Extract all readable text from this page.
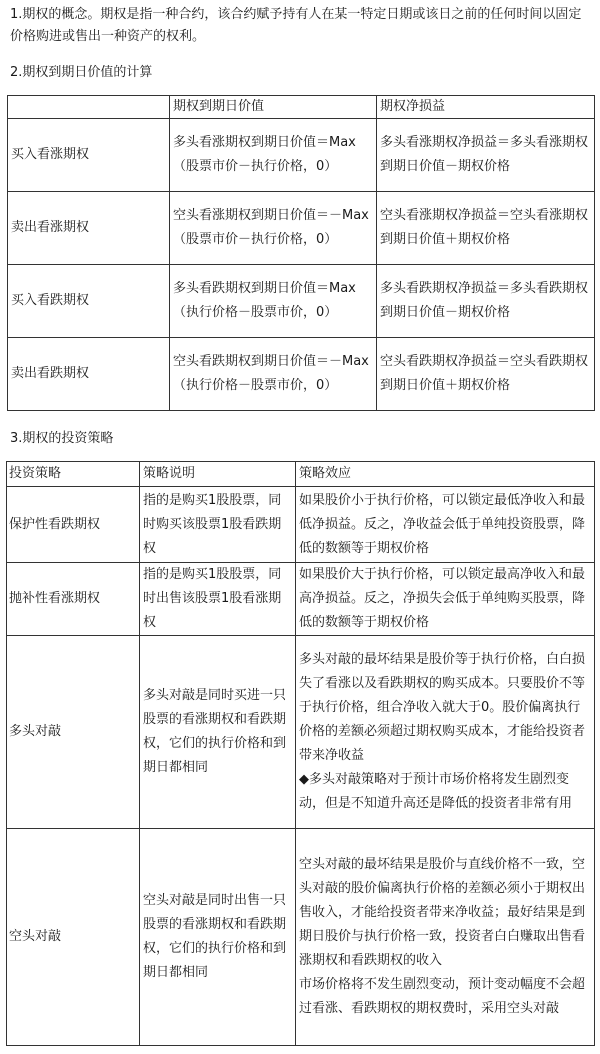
1.期权的概念。期权是指一种合约，该合约赋予持有人在某一特定日期或该日之前的任何时间以固定价格购进或售出一种资产的权利。

2.期权到期日价值的计算

	期权到期日价值	期权净损益
买入看涨期权	多头看涨期权到期日价值＝Max（股票市价－执行价格，0）	多头看涨期权净损益＝多头看涨期权到期日价值－期权价格
卖出看涨期权	空头看涨期权到期日价值＝－Max（股票市价－执行价格，0）	空头看涨期权净损益＝空头看涨期权到期日价值＋期权价格
买入看跌期权	多头看跌期权到期日价值＝Max（执行价格－股票市价，0）	多头看跌期权净损益＝多头看跌期权到期日价值－期权价格
卖出看跌期权	空头看跌期权到期日价值＝－Max（执行价格－股票市价，0）	空头看跌期权净损益＝空头看跌期权到期日价值＋期权价格

3.期权的投资策略

投资策略	策略说明	策略效应
保护性看跌期权	指的是购买1股股票，同时购买该股票1股看跌期权	如果股价小于执行价格，可以锁定最低净收入和最低净损益。反之，净收益会低于单纯投资股票，降低的数额等于期权价格
抛补性看涨期权	指的是购买1股股票，同时出售该股票1股看涨期权	如果股价大于执行价格，可以锁定最高净收入和最高净损益。反之，净损失会低于单纯购买股票，降低的数额等于期权价格
多头对敲	多头对敲是同时买进一只股票的看涨期权和看跌期权，它们的执行价格和到期日都相同	多头对敲的最坏结果是股价等于执行价格，白白损失了看涨以及看跌期权的购买成本。只要股价不等于执行价格，组合净收入就大于0。股价偏离执行价格的差额必须超过期权购买成本，才能给投资者带来净收益
◆多头对敲策略对于预计市场价格将发生剧烈变动，但是不知道升高还是降低的投资者非常有用

空头对敲	空头对敲是同时出售一只股票的看涨期权和看跌期权，它们的执行价格和到期日都相同	空头对敲的最坏结果是股价与直线价格不一致，空头对敲的股价偏离执行价格的差额必须小于期权出售收入，才能给投资者带来净收益；最好结果是到期日股价与执行价格一致，投资者白白赚取出售看涨期权和看跌期权的收入
市场价格将不发生剧烈变动，预计变动幅度不会超过看涨、看跌期权的期权费时，采用空头对敲
